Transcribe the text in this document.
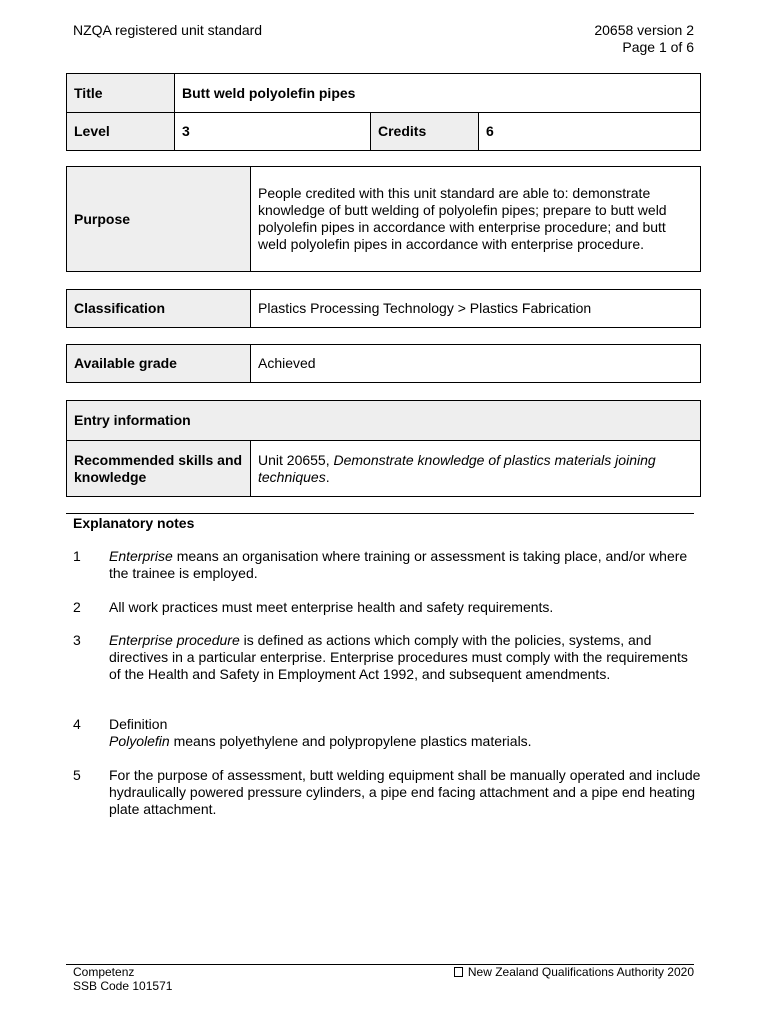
NZQA registered unit standard	20658 version 2
Page 1 of 6
Title	Butt weld polyolefin pipes		
Level	3	Credits	6
Purpose	People credited with this unit standard are able to: demonstrate knowledge of butt welding of polyolefin pipes; prepare to butt weld polyolefin pipes in accordance with enterprise procedure; and butt weld polyolefin pipes in accordance with enterprise procedure.
Classification	Plastics Processing Technology > Plastics Fabrication
Available grade	Achieved
Entry information
Recommended skills and knowledge	Unit 20655, Demonstrate knowledge of plastics materials joining techniques.
Explanatory notes
1 Enterprise means an organisation where training or assessment is taking place, and/or where the trainee is employed.
2 All work practices must meet enterprise health and safety requirements.
3 Enterprise procedure is defined as actions which comply with the policies, systems, and directives in a particular enterprise. Enterprise procedures must comply with the requirements of the Health and Safety in Employment Act 1992, and subsequent amendments.
4 Definition
Polyolefin means polyethylene and polypropylene plastics materials.
5 For the purpose of assessment, butt welding equipment shall be manually operated and include hydraulically powered pressure cylinders, a pipe end facing attachment and a pipe end heating plate attachment.
Competenz
SSB Code 101571
New Zealand Qualifications Authority 2020
